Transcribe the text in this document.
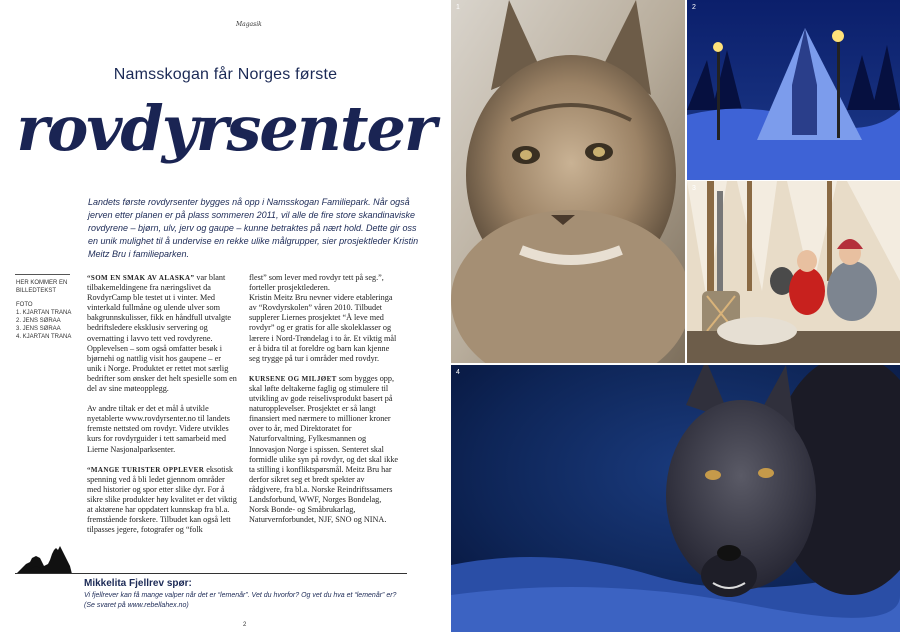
Magasik
Namsskogan får Norges første
rovdyrsenter
Landets første rovdyrsenter bygges nå opp i Namsskogan Familiepark. Når også jerven etter planen er på plass sommeren 2011, vil alle de fire store skandinaviske rovdyrene – bjørn, ulv, jerv og gaupe – kunne betraktes på nært hold. Dette gir oss en unik mulighet til å undervise en rekke ulike målgrupper, sier prosjektleder Kristin Meitz Bru i familieparken.
HER KOMMER EN
BILLEDTEKST
FOTO
1. KJARTAN TRANA
2. JENS SØRAA
3. JENS SØRAA
4. KJARTAN TRANA

“SOM EN SMAK AV ALASKA” var blant tilbakemeldingene fra næringslivet da RovdyrCamp ble testet ut i vinter. Med vinterkald fullmåne og ulende ulver som bakgrunnskulisser, fikk en håndfull utvalgte bedriftsledere eksklusiv servering og overnatting i lavvo tett ved rovdyrene. Opplevelsen – som også omfatter besøk i bjørnehi og nattlig visit hos gaupene – er unik i Norge. Produktet er rettet mot særlig bedrifter som ønsker det helt spesielle som en del av sine møteopplegg.

Av andre tiltak er det et mål å utvikle nyetablerte www.rovdyrsenter.no til landets fremste nettsted om rovdyr. Videre utvikles kurs for rovdyrguider i tett samarbeid med Lierne Nasjonalparksenter.

“MANGE TURISTER OPPLEVER eksotisk spenning ved å bli ledet gjennom områder med historier og spor etter slike dyr. For å sikre slike produkter høy kvalitet er det viktig at aktørene har oppdatert kunnskap fra bl.a. fremstående forskere. Tilbudet kan også lett tilpasses jegere, fotografer og “folk

flest” som lever med rovdyr tett på seg.”, forteller prosjektlederen.

Kristin Meitz Bru nevner videre etableringa av “Rovdyrskolen” våren 2010. Tilbudet supplerer Liernes prosjektet “Å leve med rovdyr” og er gratis for alle skoleklasser og lærere i Nord-Trøndelag i to år. Et viktig mål er å bidra til at foreldre og barn kan kjenne seg trygge på tur i områder med rovdyr.

KURSENE OG MILJØET som bygges opp, skal løfte deltakerne faglig og stimulere til utvikling av gode reiselivsprodukt basert på naturopplevelser. Prosjektet er så langt finansiert med nærmere to millioner kroner over to år, med Direktoratet for Naturforvaltning, Fylkesmannen og Innovasjon Norge i spissen. Senteret skal formidle ulike syn på rovdyr, og det skal ikke ta stilling i konfliktspørsmål. Meitz Bru har derfor sikret seg et bredt spekter av rådgivere, fra bl.a. Norske Reindriftssamers Landsforbund, WWF, Norges Bondelag, Norsk Bonde- og Småbrukarlag, Naturvernforbundet, NJF, SNO og NINA.

Mikkelita Fjellrev spør:
Vi fjellrever kan få mange valper når det er “lemenår”. Vet du hvorfor? Og vet du hva et “lemenår” er?
(Se svaret på www.rebellahex.no)
2
1	2
3
4
